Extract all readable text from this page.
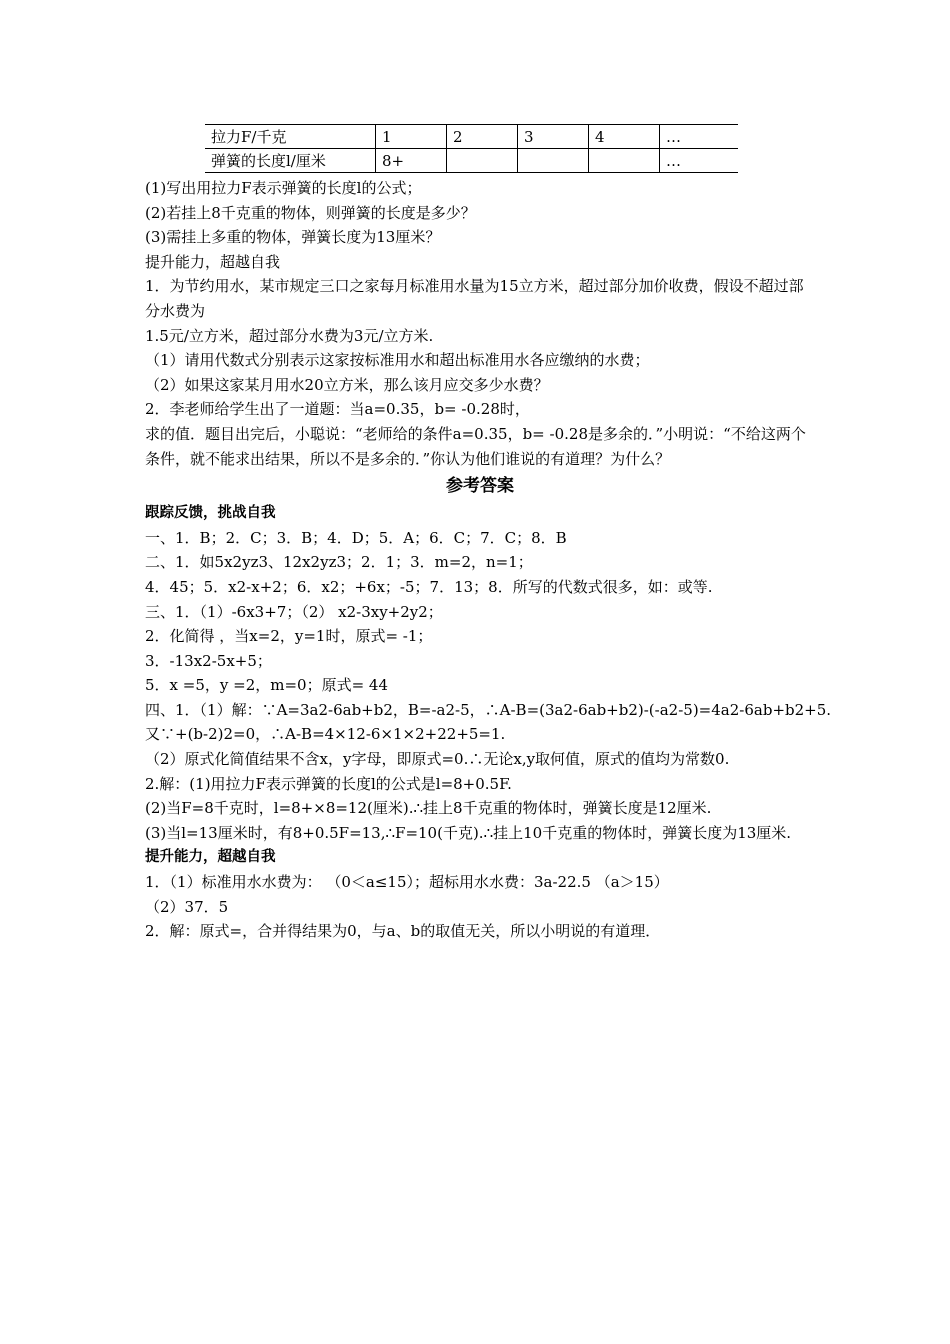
拉力F/千克	1	2	3	4	…
弹簧的长度l/厘米	8+				…
(1)写出用拉力F表示弹簧的长度l的公式；
(2)若挂上8千克重的物体，则弹簧的长度是多少？
(3)需挂上多重的物体，弹簧长度为13厘米？
提升能力，超越自我
1．为节约用水，某市规定三口之家每月标准用水量为15立方米，超过部分加价收费，假设不超过部分水费为
1.5元/立方米，超过部分水费为3元/立方米.
（1）请用代数式分别表示这家按标准用水和超出标准用水各应缴纳的水费；
（2）如果这家某月用水20立方米，那么该月应交多少水费？
2．李老师给学生出了一道题：当a=0.35，b= -0.28时，
求的值．题目出完后，小聪说：“老师给的条件a=0.35，b= -0.28是多余的．”小明说：“不给这两个条件，就不能求出结果，所以不是多余的．”你认为他们谁说的有道理？为什么？
参考答案
跟踪反馈，挑战自我
一、1．B；2．C；3．B；4．D；5．A；6．C；7．C；8．B
二、1．如5x2yz3、12x2yz3；2．1；3．m=2，n=1；
4．45；5．x2-x+2；6．x2；+6x；-5；7．13；8．所写的代数式很多，如：或等.
三、1．（1）-6x3+7；（2） x2-3xy+2y2；
2．化简得 ，当x=2，y=1时，原式= -1；
3．-13x2-5x+5；
5．x =5，y =2，m=0；原式= 44
四、1．（1）解：∵A=3a2-6ab+b2，B=-a2-5，∴A-B=(3a2-6ab+b2)-(-a2-5)=4a2-6ab+b2+5.
又∵+(b-2)2=0，∴A-B=4×12-6×1×2+22+5=1.
（2）原式化简值结果不含x，y字母，即原式=0.∴无论x,y取何值，原式的值均为常数0.
2.解：(1)用拉力F表示弹簧的长度l的公式是l=8+0.5F.
(2)当F=8千克时，l=8+×8=12(厘米).∴挂上8千克重的物体时，弹簧长度是12厘米.
(3)当l=13厘米时，有8+0.5F=13,∴F=10(千克).∴挂上10千克重的物体时，弹簧长度为13厘米.
提升能力，超越自我
1．（1）标准用水水费为： （0＜a≤15）；超标用水水费：3a-22.5 （a＞15）
（2）37．5
2．解：原式=，合并得结果为0，与a、b的取值无关，所以小明说的有道理．
